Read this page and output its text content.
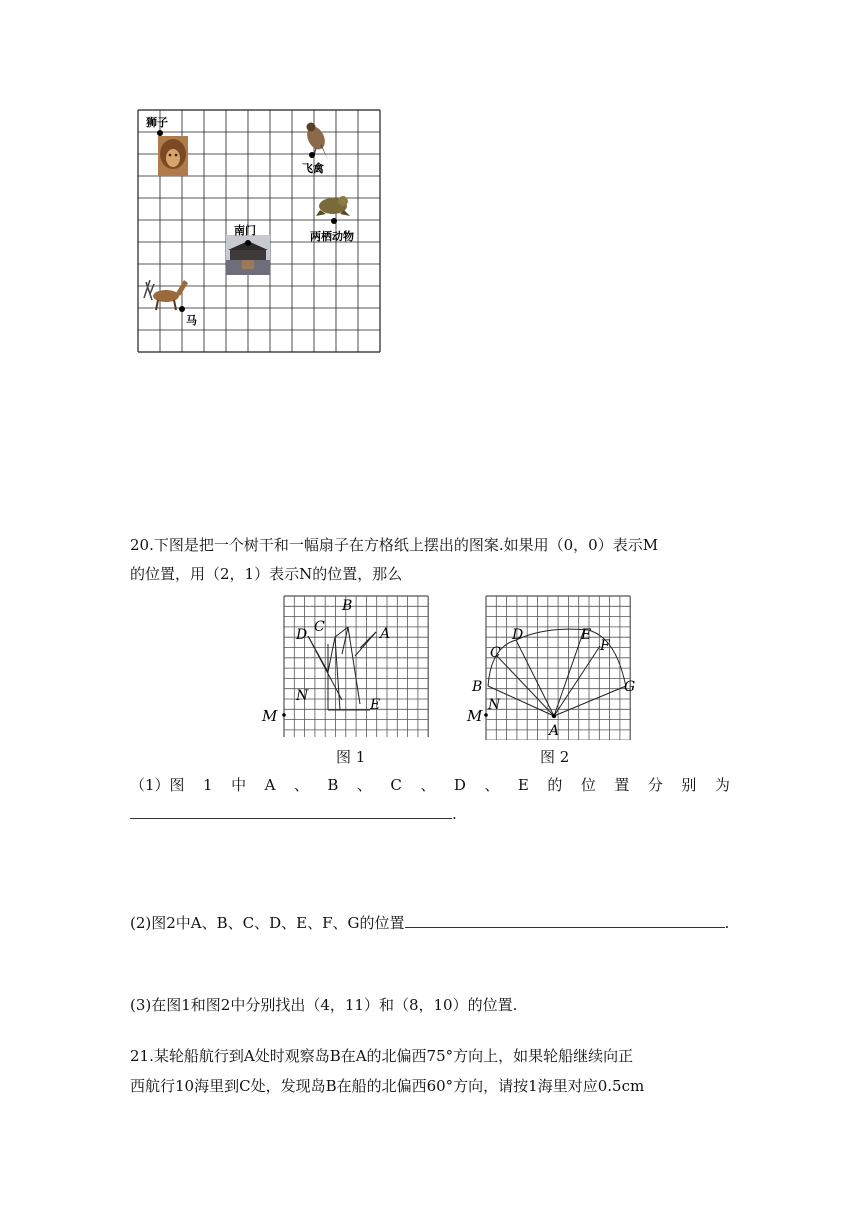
狮子
飞禽
两栖动物
南门
马
20.下图是把一个树干和一幅扇子在方格纸上摆出的图案.如果用（0，0）表示M
的位置，用（2，1）表示N的位置，那么
M
N
B
C
D	A
E
M
N
A
B
C
D	E
F
G
图 1	图 2
（1）图 1 中 A 、 B 、 C 、 D 、 E 的 位 置 分 别 为
.
(2)图2中A、B、C、D、E、F、G的位置	.
(3)在图1和图2中分别找出（4，11）和（8，10）的位置.
21.某轮船航行到A处时观察岛B在A的北偏西75°方向上，如果轮船继续向正
西航行10海里到C处，发现岛B在船的北偏西60°方向，请按1海里对应0.5cm
